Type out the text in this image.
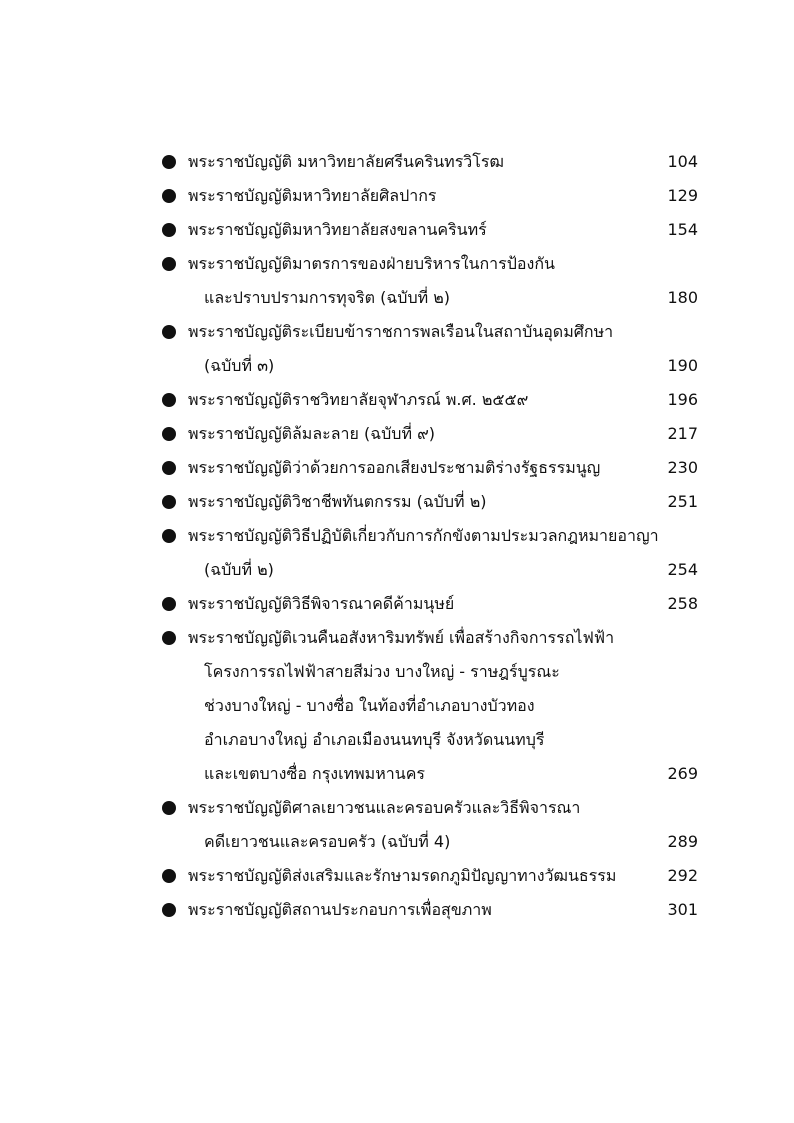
พระราชบัญญัติ มหาวิทยาลัยศรีนครินทรวิโรฒ	104
พระราชบัญญัติมหาวิทยาลัยศิลปากร	129
พระราชบัญญัติมหาวิทยาลัยสงขลานครินทร์	154
พระราชบัญญัติมาตรการของฝ่ายบริหารในการป้องกัน
และปราบปรามการทุจริต (ฉบับที่ ๒)	180
พระราชบัญญัติระเบียบข้าราชการพลเรือนในสถาบันอุดมศึกษา
(ฉบับที่ ๓)	190
พระราชบัญญัติราชวิทยาลัยจุฬาภรณ์ พ.ศ. ๒๕๕๙	196
พระราชบัญญัติล้มละลาย (ฉบับที่ ๙)	217
พระราชบัญญัติว่าด้วยการออกเสียงประชามติร่างรัฐธรรมนูญ	230
พระราชบัญญัติวิชาชีพทันตกรรม (ฉบับที่ ๒)	251
พระราชบัญญัติวิธีปฏิบัติเกี่ยวกับการกักขังตามประมวลกฎหมายอาญา
(ฉบับที่ ๒)	254
พระราชบัญญัติวิธีพิจารณาคดีค้ามนุษย์	258
พระราชบัญญัติเวนคืนอสังหาริมทรัพย์ เพื่อสร้างกิจการรถไฟฟ้า
โครงการรถไฟฟ้าสายสีม่วง บางใหญ่ - ราษฎร์บูรณะ
ช่วงบางใหญ่ - บางซื่อ ในท้องที่อำเภอบางบัวทอง
อำเภอบางใหญ่ อำเภอเมืองนนทบุรี จังหวัดนนทบุรี
และเขตบางซื่อ กรุงเทพมหานคร	269
พระราชบัญญัติศาลเยาวชนและครอบครัวและวิธีพิจารณา
คดีเยาวชนและครอบครัว (ฉบับที่ 4)	289
พระราชบัญญัติส่งเสริมและรักษามรดกภูมิปัญญาทางวัฒนธรรม	292
พระราชบัญญัติสถานประกอบการเพื่อสุขภาพ	301
